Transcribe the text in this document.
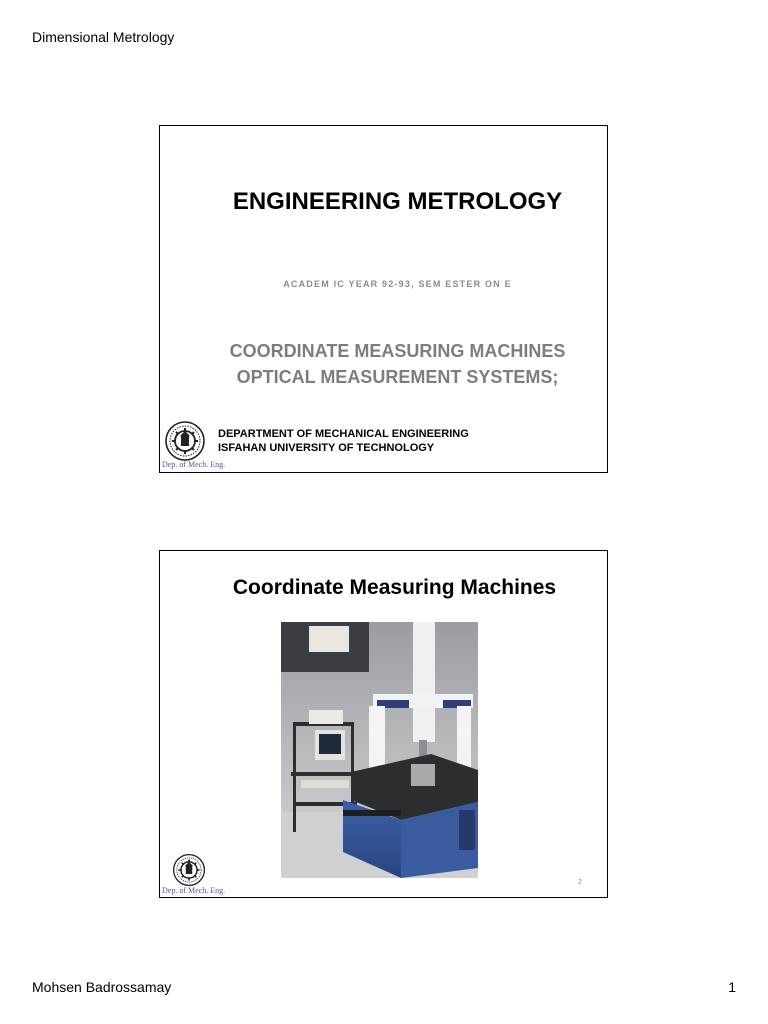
Dimensional Metrology
ENGINEERING METROLOGY
ACADEM IC YEAR 92-93, SEM ESTER ON E
COORDINATE MEASURING MACHINES
OPTICAL MEASUREMENT SYSTEMS;
Dep. of Mech. Eng.
DEPARTMENT OF MECHANICAL ENGINEERING
ISFAHAN UNIVERSITY OF TECHNOLOGY
Coordinate Measuring Machines
Dep. of Mech. Eng.
2
Mohsen Badrossamay	1
